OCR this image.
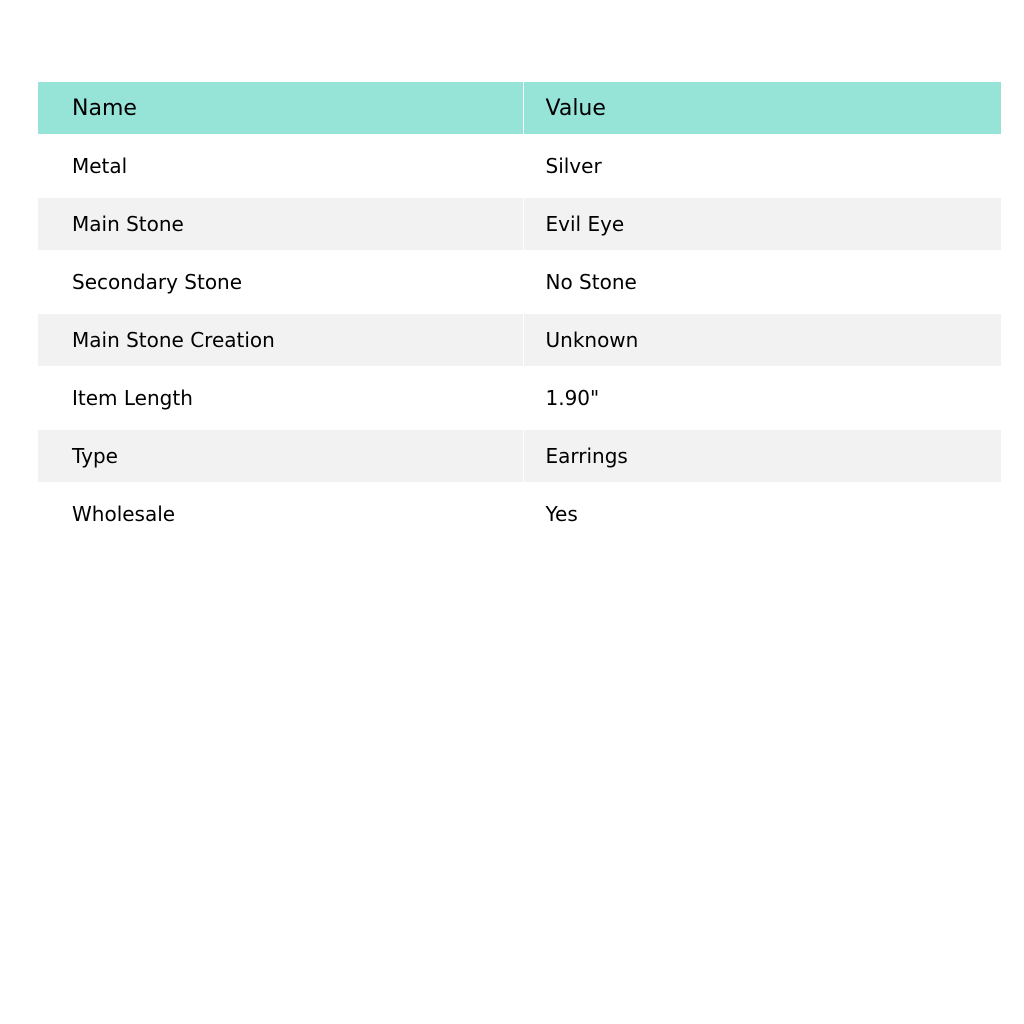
Name	Value
Metal	Silver
Main Stone	Evil Eye
Secondary Stone	No Stone
Main Stone Creation	Unknown
Item Length	1.90"
Type	Earrings
Wholesale	Yes
